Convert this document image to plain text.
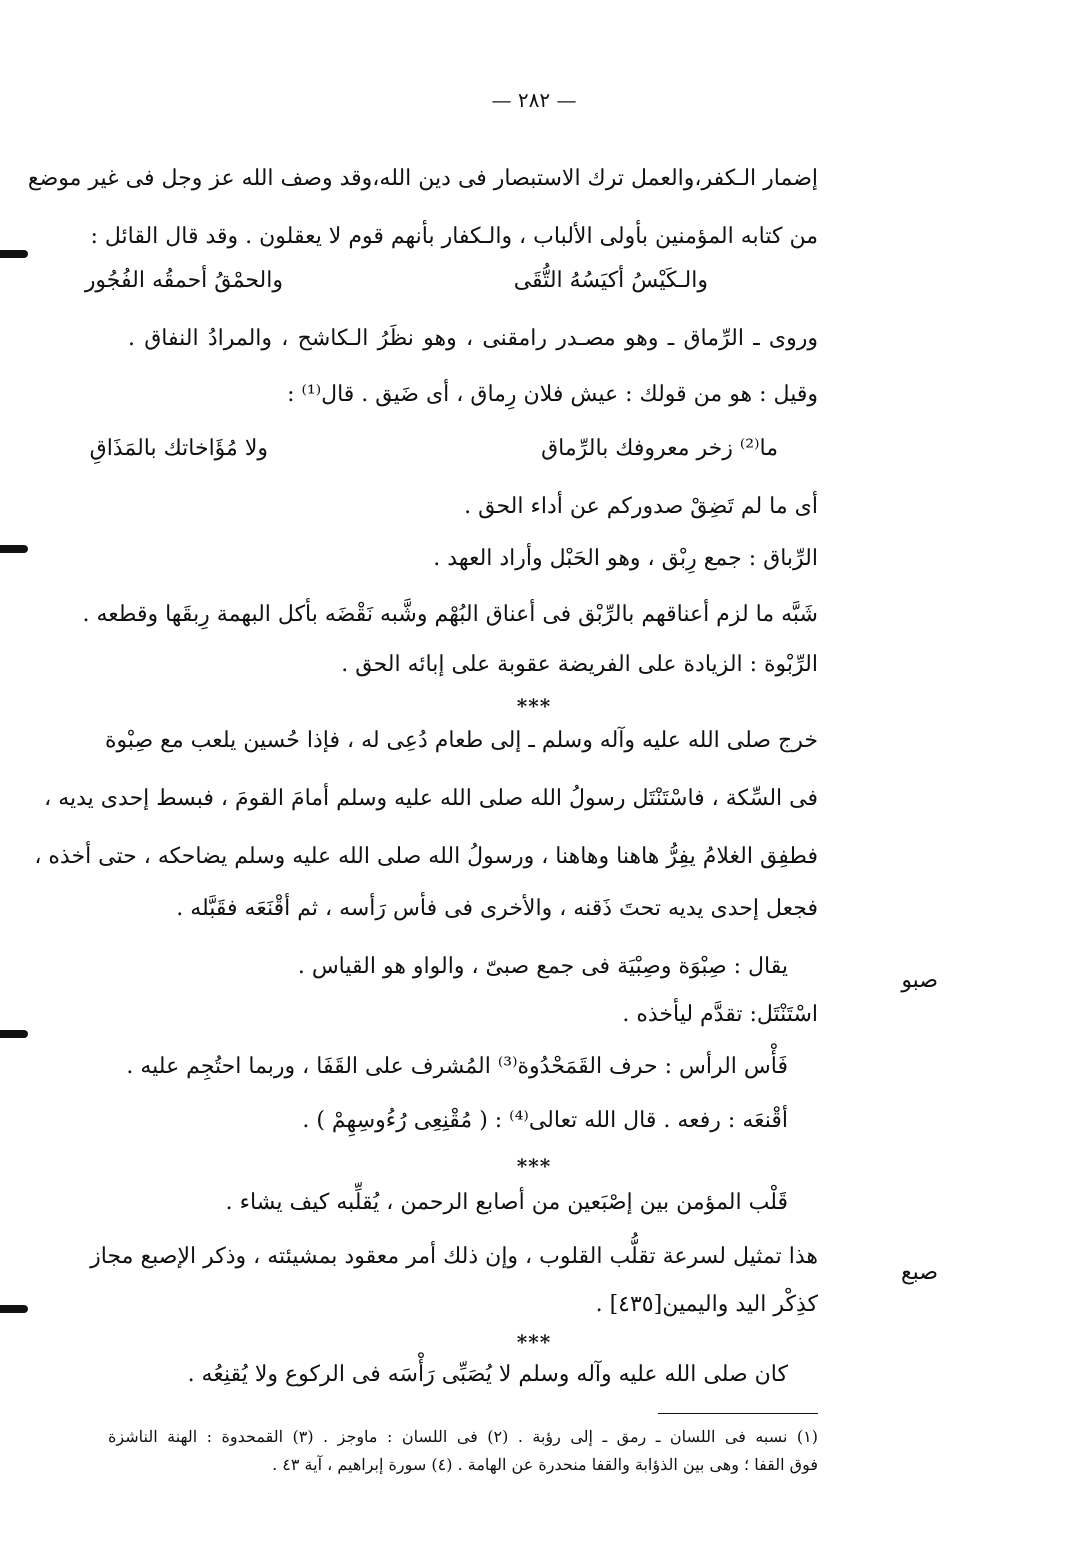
— ٢٨٢ —
إضمار الـكفر،والعمل ترك الاستبصار فى دين الله،وقد وصف الله عز وجل فى غير موضع
من كتابه المؤمنين بأولى الألباب ، والـكفار بأنهم قوم لا يعقلون . وقد قال القائل :
والـكَيْسُ أكيَسُهُ التُّقَى
والحمْقُ أحمقُه الفُجُور
وروى ـ الرِّماق ـ وهو مصـدر رامقنى ، وهو نظَرُ الـكاشح ، والمرادُ النفاق .
وقيل : هو من قولك : عيش فلان رِماق ، أى ضَيق . قال⁽¹⁾ :
ما⁽²⁾ زخر معروفك بالرِّماق
ولا مُؤَاخاتك بالمَذَاقِ
أى ما لم تَضِقْ صدوركم عن أداء الحق .
الرِّباق : جمع رِبْق ، وهو الحَبْل وأراد العهد .
شَبَّه ما لزم أعناقهم بالرِّبْق فى أعناق البُهْم وشَّبه نَقْضَه بأكل البهمة رِبقَها وقطعه .
الرِّبْوة : الزيادة على الفريضة عقوبة على إبائه الحق .
***
خرج صلى الله عليه وآله وسلم ـ إلى طعام دُعِى له ، فإذا حُسين يلعب مع صِبْوة
فى السِّكة ، فاسْتَنْتَل رسولُ الله صلى الله عليه وسلم أمامَ القومَ ، فبسط إحدى يديه ،
فطفِق الغلامُ يفِرُّ هاهنا وهاهنا ، ورسولُ الله صلى الله عليه وسلم يضاحكه ، حتى أخذه ،
فجعل إحدى يديه تحتَ ذَقنه ، والأخرى فى فأس رَأسه ، ثم أقْنَعَه فقَبَّله .
يقال : صِبْوَة وصِبْيَة فى جمع صبىّ ، والواو هو القياس .
صبو
اسْتَنْتَل: تقدَّم ليأخذه .
فَأْس الرأس : حرف القَمَحْدُوة⁽³⁾ المُشرف على القَفَا ، وربما احتُجِم عليه .
أقْنعَه : رفعه . قال الله تعالى⁽⁴⁾ : ( مُقْنِعِى رُءُوسِهِمْ ) .
***
قَلْب المؤمن بين إصْبَعين من أصابع الرحمن ، يُقلِّبه كيف يشاء .
هذا تمثيل لسرعة تقلُّب القلوب ، وإن ذلك أمر معقود بمشيئته ، وذكر الإصبع مجاز
صبع
كذِكْر اليد واليمين[٤٣٥] .
***
كان صلى الله عليه وآله وسلم لا يُصَبِّى رَأْسَه فى الركوع ولا يُقنِعُه .
(١) نسبه فى اللسان ـ رمق ـ إلى رؤبة . (٢) فى اللسان : ماوجز . (٣) القمحدوة : الهنة الناشزة
فوق القفا ؛ وهى بين الذؤابة والقفا منحدرة عن الهامة . (٤) سورة إبراهيم ، آية ٤٣ .
